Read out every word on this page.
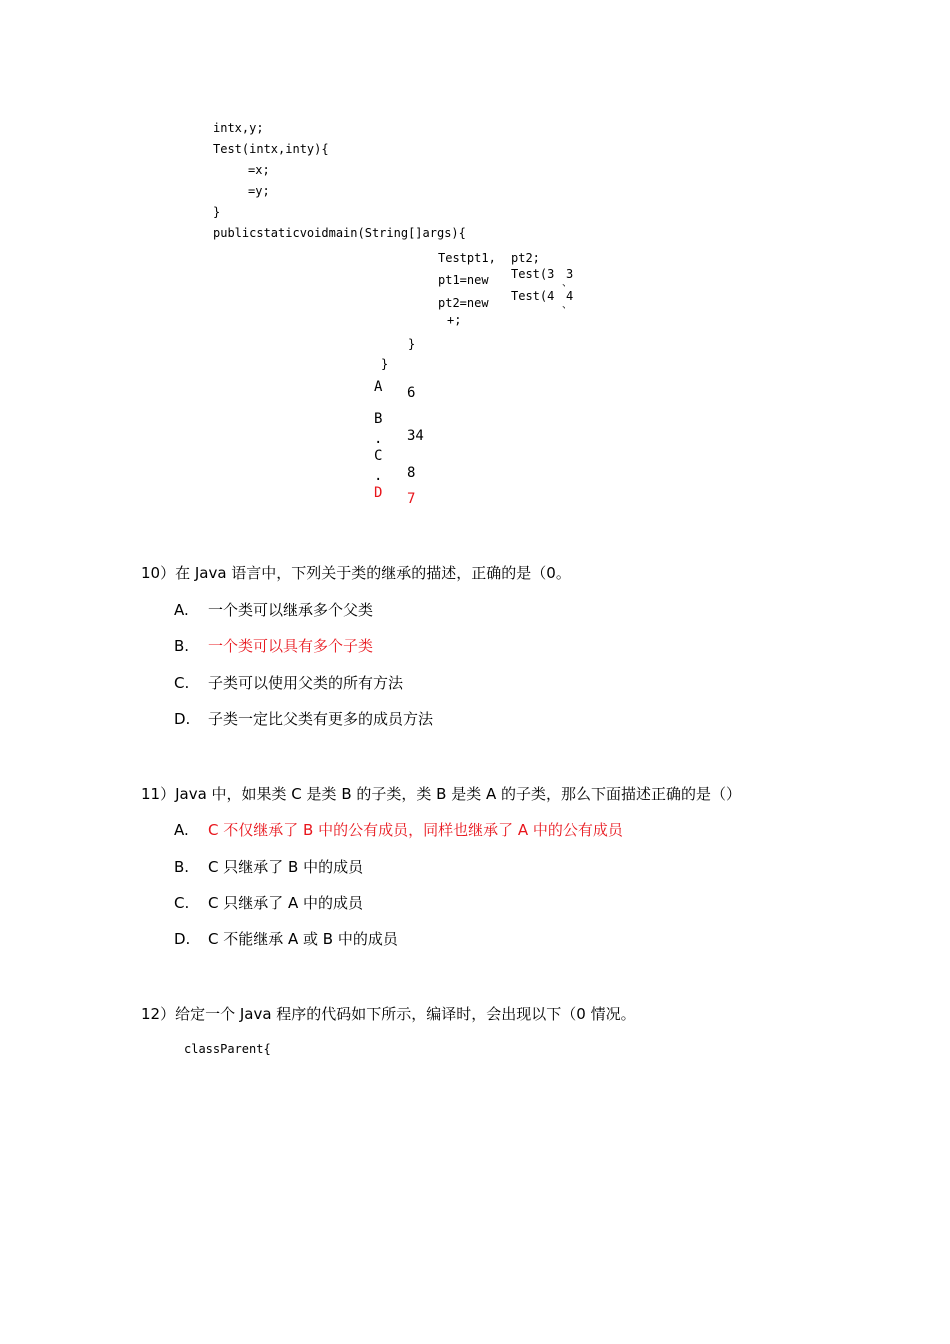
intx,y;
Test(intx,inty){
=x;
=y;
}
publicstaticvoidmain(String[]args){
Testpt1,
pt1=new
pt2=new
+;
pt2;
Test(3
Test(4
3
、
4
、
}
}
A 6
B
. 34
C
. 8
D 7
10）在 Java 语言中，下列关于类的继承的描述，正确的是（0。
A. 一个类可以继承多个父类
B. 一个类可以具有多个子类
C. 子类可以使用父类的所有方法
D. 子类一定比父类有更多的成员方法
11）Java 中，如果类 C 是类 B 的子类，类 B 是类 A 的子类，那么下面描述正确的是（）
A. C 不仅继承了 B 中的公有成员，同样也继承了 A 中的公有成员
B. C 只继承了 B 中的成员
C. C 只继承了 A 中的成员
D. C 不能继承 A 或 B 中的成员
12）给定一个 Java 程序的代码如下所示，编译时，会出现以下（0 情况。
classParent{
